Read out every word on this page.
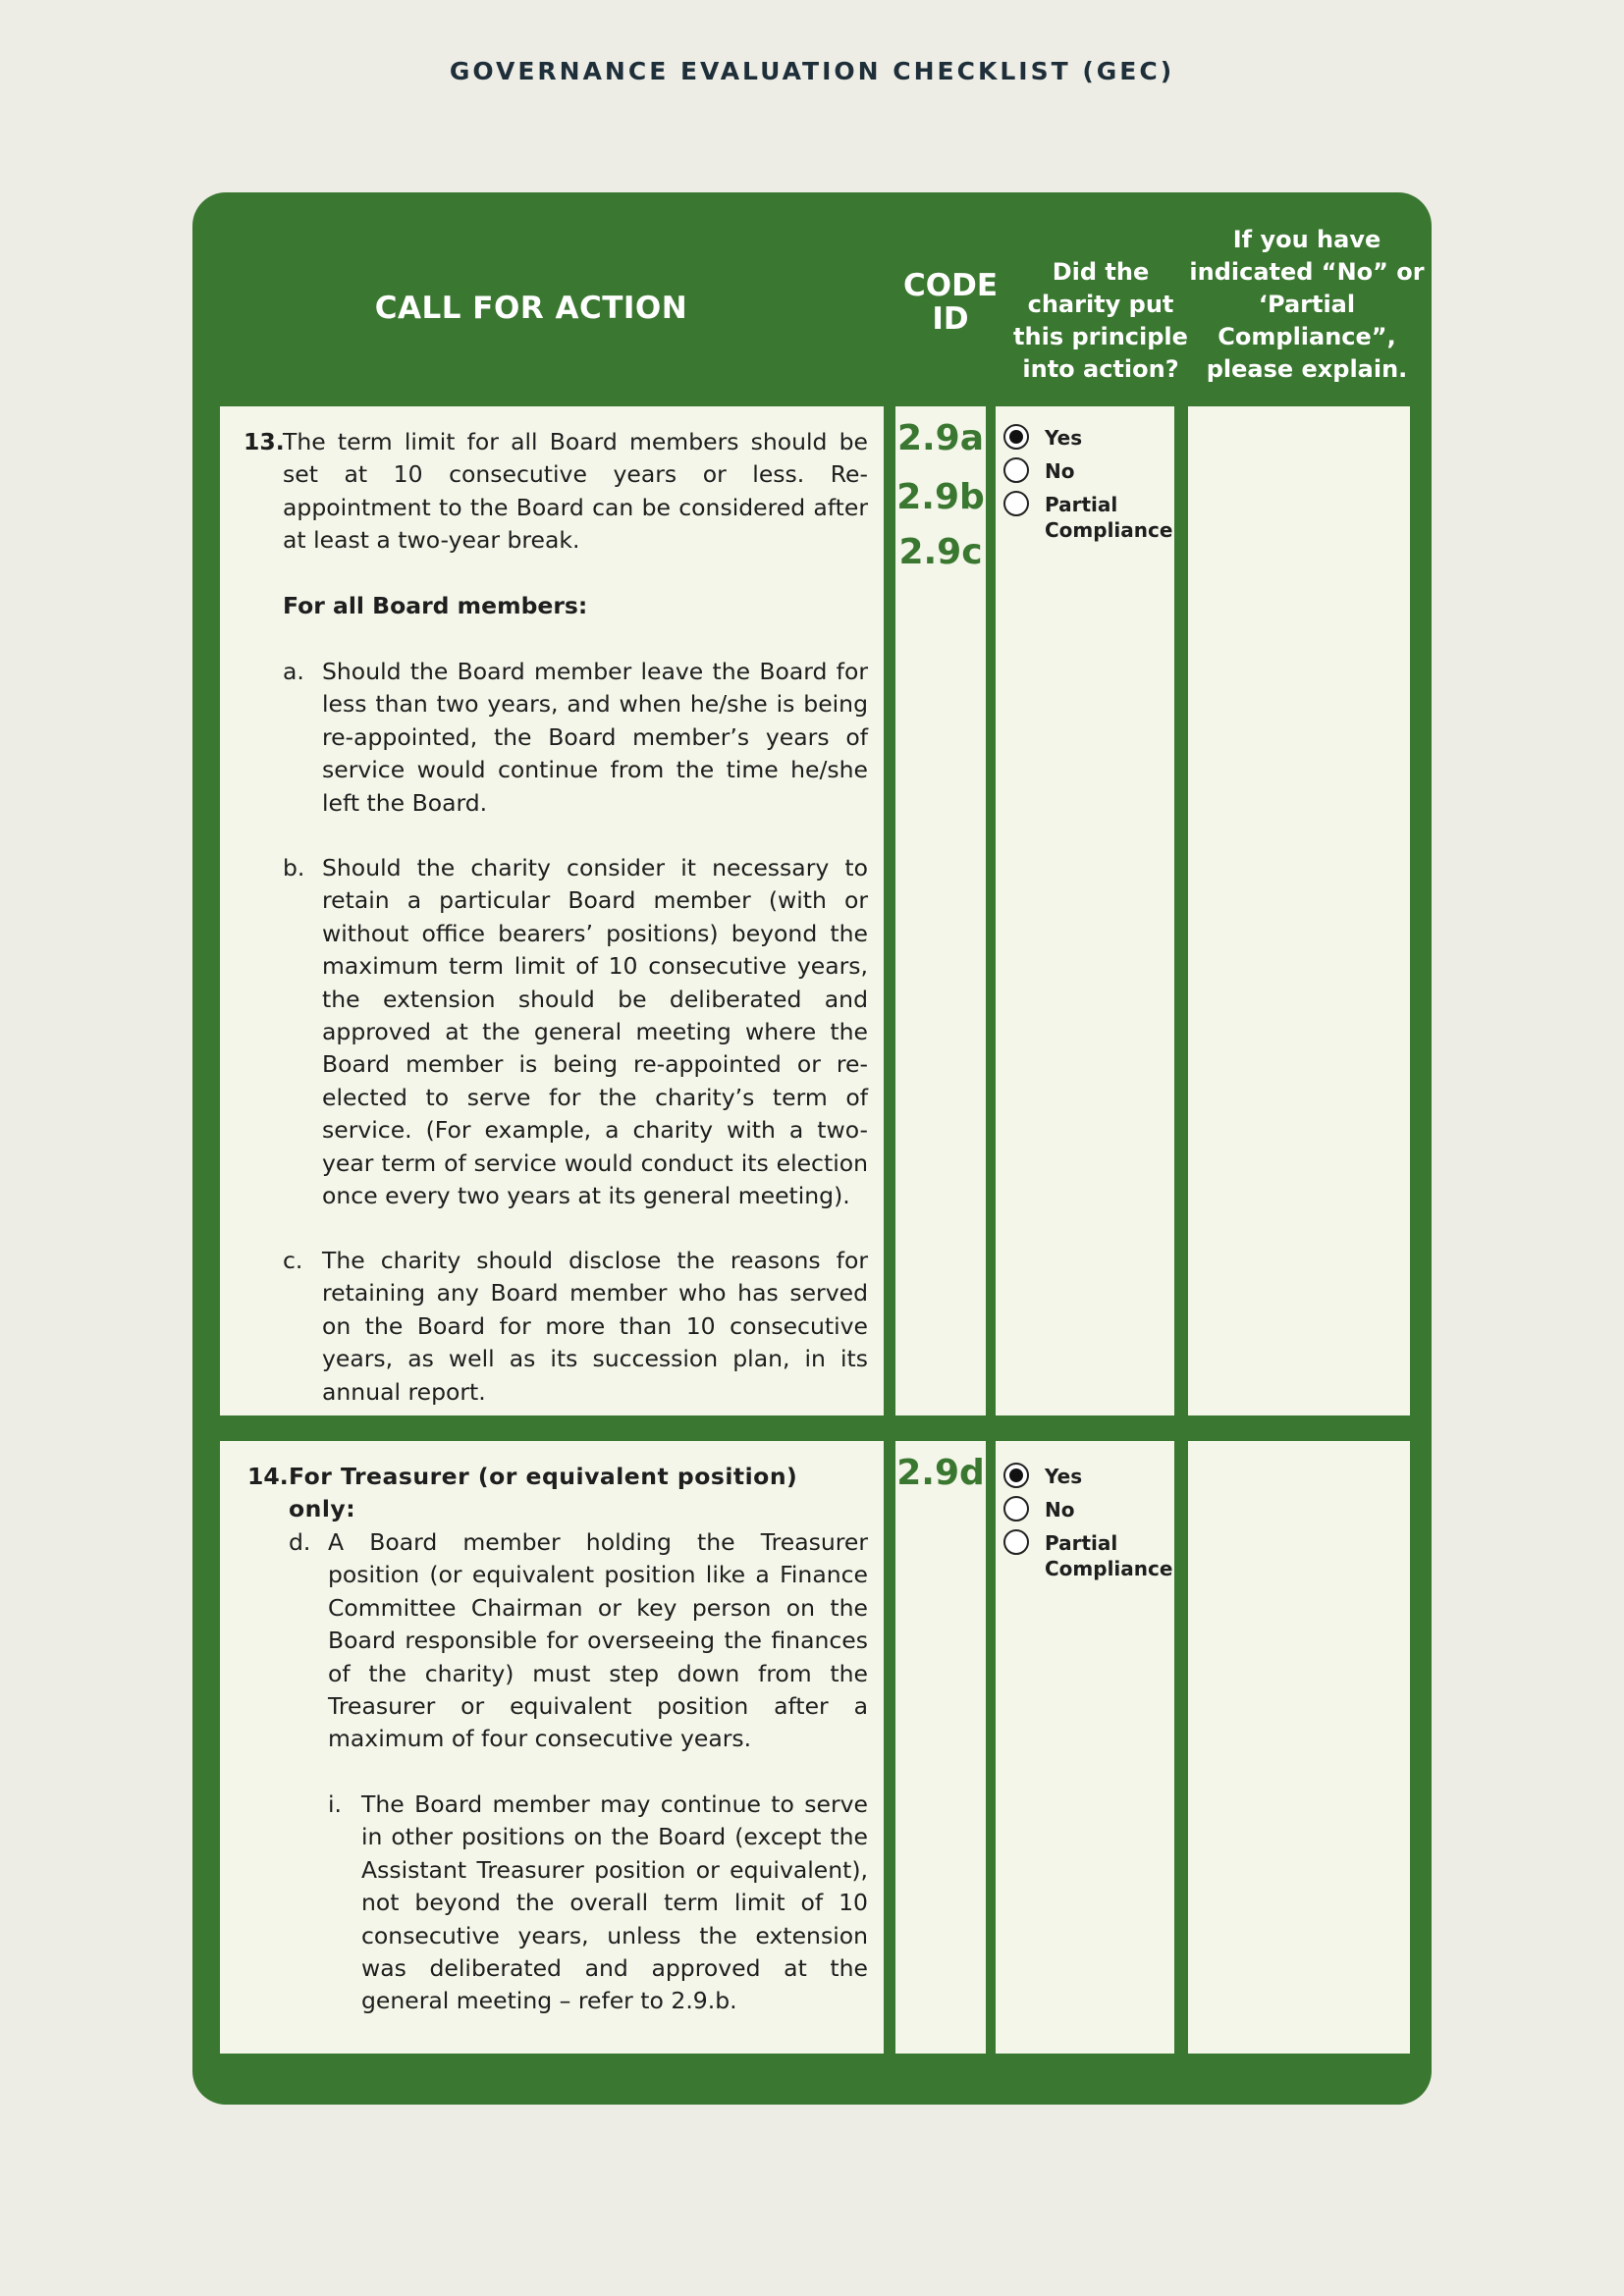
GOVERNANCE EVALUATION CHECKLIST (GEC)
CALL FOR ACTION
CODE ID
Did the charity put this principle into action?
If you have indicated “No” or ‘Partial Compliance”, please explain.
13.
The term limit for all Board members should be set at 10 consecutive years or less. Re-appointment to the Board can be considered after at least a two-year break.
For all Board members:
a. Should the Board member leave the Board for less than two years, and when he/she is being re-appointed, the Board member’s years of service would continue from the time he/she left the Board.
b. Should the charity consider it necessary to retain a particular Board member (with or without office bearers’ positions) beyond the maximum term limit of 10 consecutive years, the extension should be deliberated and approved at the general meeting where the Board member is being re-appointed or re-elected to serve for the charity’s term of service. (For example, a charity with a two-year term of service would conduct its election once every two years at its general meeting).
c. The charity should disclose the reasons for retaining any Board member who has served on the Board for more than 10 consecutive years, as well as its succession plan, in its annual report.
2.9a
2.9b
2.9c
Yes
No
Partial Compliance
14. For Treasurer (or equivalent position) only:
d. A Board member holding the Treasurer position (or equivalent position like a Finance Committee Chairman or key person on the Board responsible for overseeing the finances of the charity) must step down from the Treasurer or equivalent position after a maximum of four consecutive years.
i. The Board member may continue to serve in other positions on the Board (except the Assistant Treasurer position or equivalent), not beyond the overall term limit of 10 consecutive years, unless the extension was deliberated and approved at the general meeting – refer to 2.9.b.
2.9d	Yes
No
Partial Compliance
